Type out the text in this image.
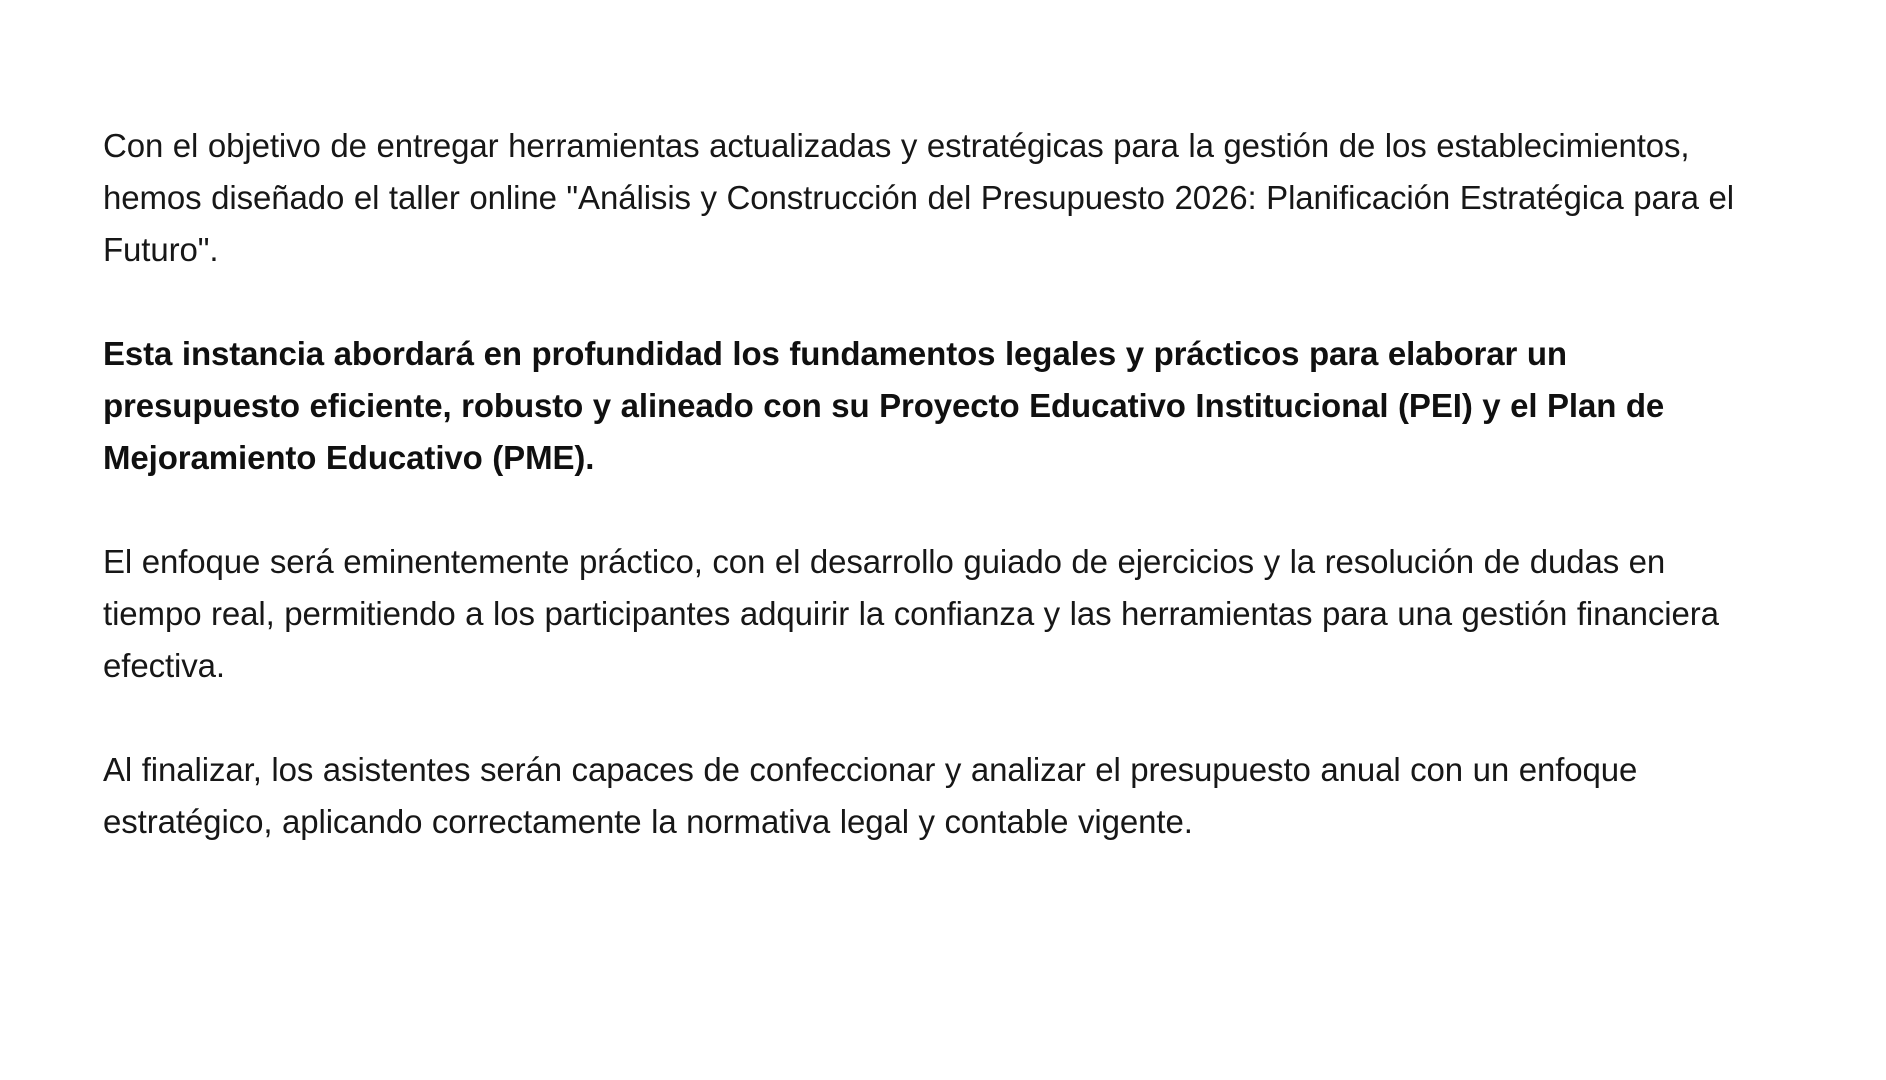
Con el objetivo de entregar herramientas actualizadas y estratégicas para la gestión de los establecimientos, hemos diseñado el taller online "Análisis y Construcción del Presupuesto 2026: Planificación Estratégica para el Futuro".

Esta instancia abordará en profundidad los fundamentos legales y prácticos para elaborar un presupuesto eficiente, robusto y alineado con su Proyecto Educativo Institucional (PEI) y el Plan de Mejoramiento Educativo (PME).

El enfoque será eminentemente práctico, con el desarrollo guiado de ejercicios y la resolución de dudas en tiempo real, permitiendo a los participantes adquirir la confianza y las herramientas para una gestión financiera efectiva.

Al finalizar, los asistentes serán capaces de confeccionar y analizar el presupuesto anual con un enfoque estratégico, aplicando correctamente la normativa legal y contable vigente.
